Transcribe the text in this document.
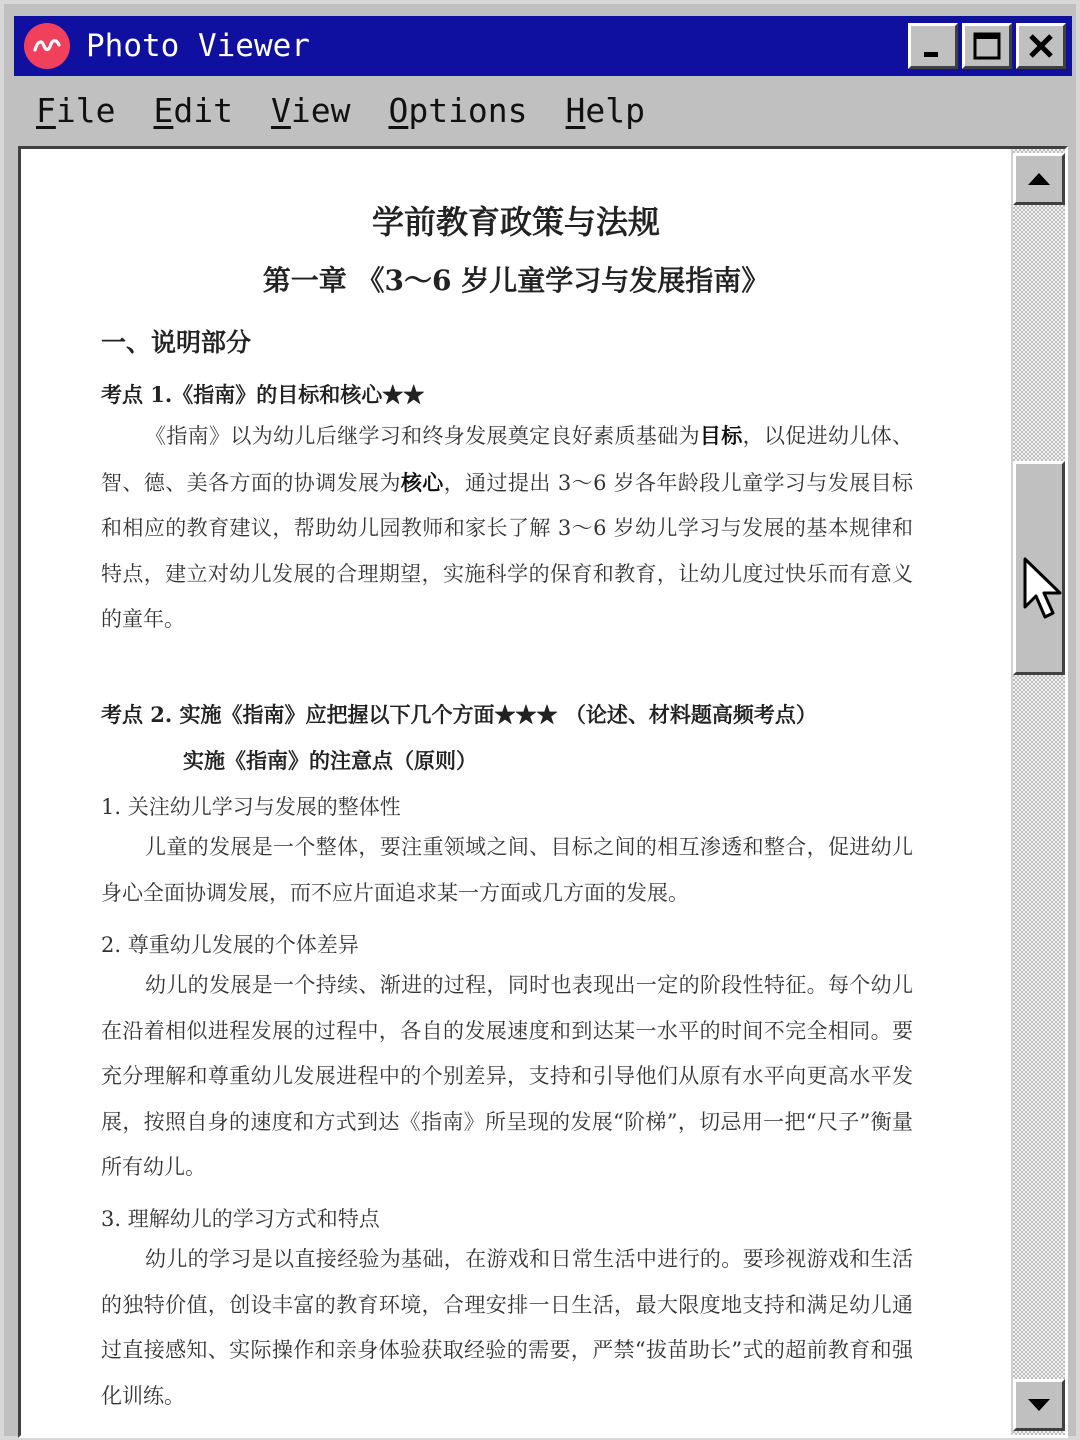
Photo Viewer
File Edit View Options Help
学前教育政策与法规
第一章 《3～6 岁儿童学习与发展指南》
一、说明部分
考点 1.《指南》的目标和核心★★
《指南》以为幼儿后继学习和终身发展奠定良好素质基础为目标，以促进幼儿体、智、德、美各方面的协调发展为核心，通过提出 3～6 岁各年龄段儿童学习与发展目标和相应的教育建议，帮助幼儿园教师和家长了解 3～6 岁幼儿学习与发展的基本规律和特点，建立对幼儿发展的合理期望，实施科学的保育和教育，让幼儿度过快乐而有意义的童年。
考点 2. 实施《指南》应把握以下几个方面★★★ （论述、材料题高频考点）
实施《指南》的注意点（原则）
1. 关注幼儿学习与发展的整体性
儿童的发展是一个整体，要注重领域之间、目标之间的相互渗透和整合，促进幼儿身心全面协调发展，而不应片面追求某一方面或几方面的发展。
2. 尊重幼儿发展的个体差异
幼儿的发展是一个持续、渐进的过程，同时也表现出一定的阶段性特征。每个幼儿在沿着相似进程发展的过程中，各自的发展速度和到达某一水平的时间不完全相同。要充分理解和尊重幼儿发展进程中的个别差异，支持和引导他们从原有水平向更高水平发展，按照自身的速度和方式到达《指南》所呈现的发展“阶梯”，切忌用一把“尺子”衡量所有幼儿。
3. 理解幼儿的学习方式和特点
幼儿的学习是以直接经验为基础，在游戏和日常生活中进行的。要珍视游戏和生活的独特价值，创设丰富的教育环境，合理安排一日生活，最大限度地支持和满足幼儿通过直接感知、实际操作和亲身体验获取经验的需要，严禁“拔苗助长”式的超前教育和强化训练。
